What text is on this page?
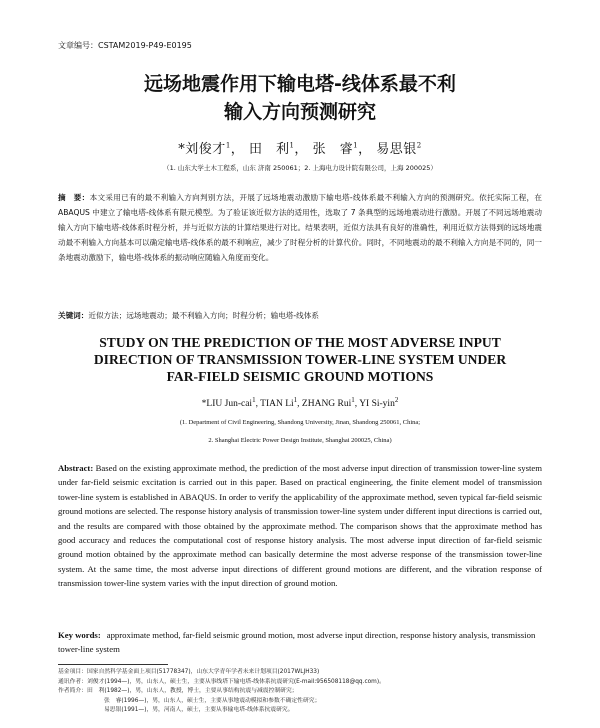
文章编号：CSTAM2019-P49-E0195
远场地震作用下输电塔-线体系最不利
输入方向预测研究
*刘俊才$^1$， 田　利$^1$， 张　睿$^1$， 易思银$^2$
（1. 山东大学土木工程系，山东 济南 250061；2. 上海电力设计院有限公司，上海 200025）
摘　要：本文采用已有的最不利输入方向判别方法，开展了远场地震动激励下输电塔-线体系最不利输入方向的预测研究。依托实际工程，在 ABAQUS 中建立了输电塔-线体系有限元模型。为了验证该近似方法的适用性，选取了 7 条典型的远场地震动进行激励。开展了不同远场地震动输入方向下输电塔-线体系时程分析，并与近似方法的计算结果进行对比。结果表明，近似方法具有良好的准确性，利用近似方法得到的远场地震动最不利输入方向基本可以确定输电塔-线体系的最不利响应，减少了时程分析的计算代价。同时，不同地震动的最不利输入方向是不同的，同一条地震动激励下，输电塔-线体系的振动响应随输入角度而变化。
关键词：近似方法；远场地震动；最不利输入方向；时程分析；输电塔-线体系
STUDY ON THE PREDICTION OF THE MOST ADVERSE INPUT
DIRECTION OF TRANSMISSION TOWER-LINE SYSTEM UNDER
FAR-FIELD SEISMIC GROUND MOTIONS
*LIU Jun-cai$^1$, TIAN Li$^1$, ZHANG Rui$^1$, YI Si-yin$^2$
(1. Department of Civil Engineering, Shandong University, Jinan, Shandong 250061, China;
2. Shanghai Electric Power Design Institute, Shanghai 200025, China)
Abstract: Based on the existing approximate method, the prediction of the most adverse input direction of transmission tower-line system under far-field seismic excitation is carried out in this paper. Based on practical engineering, the finite element model of transmission tower-line system is established in ABAQUS. In order to verify the applicability of the approximate method, seven typical far-field seismic ground motions are selected. The response history analysis of transmission tower-line system under different input directions is carried out, and the results are compared with those obtained by the approximate method. The comparison shows that the approximate method has good accuracy and reduces the computational cost of response history analysis. The most adverse input direction of far-field seismic ground motion obtained by the approximate method can basically determine the most adverse response of the transmission tower-line system. At the same time, the most adverse input directions of different ground motions are different, and the vibration response of transmission tower-line system varies with the input direction of ground motion.
Key words: approximate method, far-field seismic ground motion, most adverse input direction, response history analysis, transmission tower-line system
基金项目：国家自然科学基金面上项目(51778347)，山东大学青年学者未来计划项目(2017WLJH33)
通讯作者：刘俊才(1994—)，男，山东人，硕士生，主要从事线塔下输电塔-线体系抗震研究(E-mail:956508118@qq.com)。
作者简介：田　利(1982—)，男，山东人，教授，博士，主要从事结构抗震与减震控制研究；
张　睿(1996—)，男，山东人，硕士生，主要从事地震动模拟和参数不确定性研究；
易思银(1991—)，男，河南人，硕士，主要从事输电塔-线体系抗震研究。
